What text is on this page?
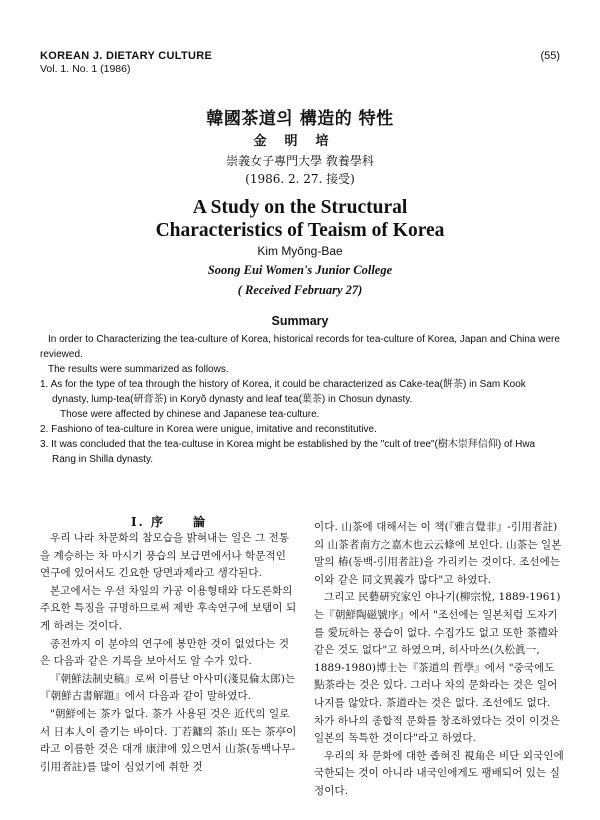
KOREAN J. DIETARY CULTURE
Vol. 1. No. 1 (1986)
(55)
韓國茶道의 構造的 特性
金明培
崇義女子專門大學 敎養學科
(1986. 2. 27. 接受)
A Study on the Structural
Characteristics of Teaism of Korea
Kim Myŏng-Bae
Soong Eui Women's Junior College
( Received February 27)
Summary

In order to Characterizing the tea-culture of Korea, historical records for tea-culture of Korea, Japan and China were reviewed.

The results were summarized as follows.

1. As for the type of tea through the history of Korea, it could be characterized as Cake-tea(餠茶) in Sam Kook dynasty, lump-tea(硏膏茶) in Koryŏ dynasty and leaf tea(葉茶) in Chosun dynasty.

Those were affected by chinese and Japanese tea-culture.

2. Fashiono of tea-culture in Korea were unigue, imitative and reconstitutive.

3. It was concluded that the tea-cultuse in Korea might be established by the "cult of tree"(樹木崇拜信仰) of Hwa Rang in Shilla dynasty.

I. 序　　論

우리 나라 차문화의 참모습을 밝혀내는 일은 그 전통을 계승하는 차 마시기 풍습의 보급면에서나 학문적인 연구에 있어서도 긴요한 당면과제라고 생각된다.

본고에서는 우선 차잎의 가공 이용형태와 다도론화의 주요한 특징을 규명하므로써 제반 후속연구에 보탬이 되게 하려는 것이다.

종전까지 이 분야의 연구에 봉만한 것이 없었다는 것은 다음과 같은 기록을 보아서도 알 수가 있다.

『朝鮮法制史稿』로써 이름난 아사미(淺見倫太郎)는『朝鮮古書解題』에서 다음과 같이 말하였다.

"朝鮮에는 茶가 없다. 茶가 사용된 것은 近代의 일로서 日本人이 즐기는 바이다. 丁若鏞의 茶山 또는 茶亭이라고 이름한 것은 대개 康津에 있으면서 山茶(동백나무-引用者註)를 많이 심었기에 취한 것

이다. 山茶에 대해서는 이 책(『雅言覺非』-引用者註)의 山茶者南方之嘉木也云云條에 보인다. 山茶는 일본말의 椿(동백-引用者註)을 가리키는 것이다. 조선에는 이와 같은 同文異義가 많다"고 하였다.

그리고 民藝硏究家인 야나기(柳宗悅, 1889-1961)는『朝鮮陶磁號序』에서 "조선에는 일본처럼 도자기를 愛玩하는 풍습이 없다. 수집가도 없고 또한 茶禮와 같은 것도 없다"고 하였으며, 히사마쓰(久松眞一, 1889-1980)博士는『茶道의 哲學』에서 "중국에도 點茶라는 것은 있다. 그러나 차의 문화라는 것은 일어나지를 않았다. 茶道라는 것은 없다. 조선에도 없다. 차가 하나의 종합적 문화를 창조하였다는 것이 이것은 일본의 독특한 것이다"라고 하였다.

우리의 차 문화에 대한 좁혀진 視角은 비단 외국인에 국한되는 것이 아니라 내국인에게도 팽배되어 있는 실정이다.
